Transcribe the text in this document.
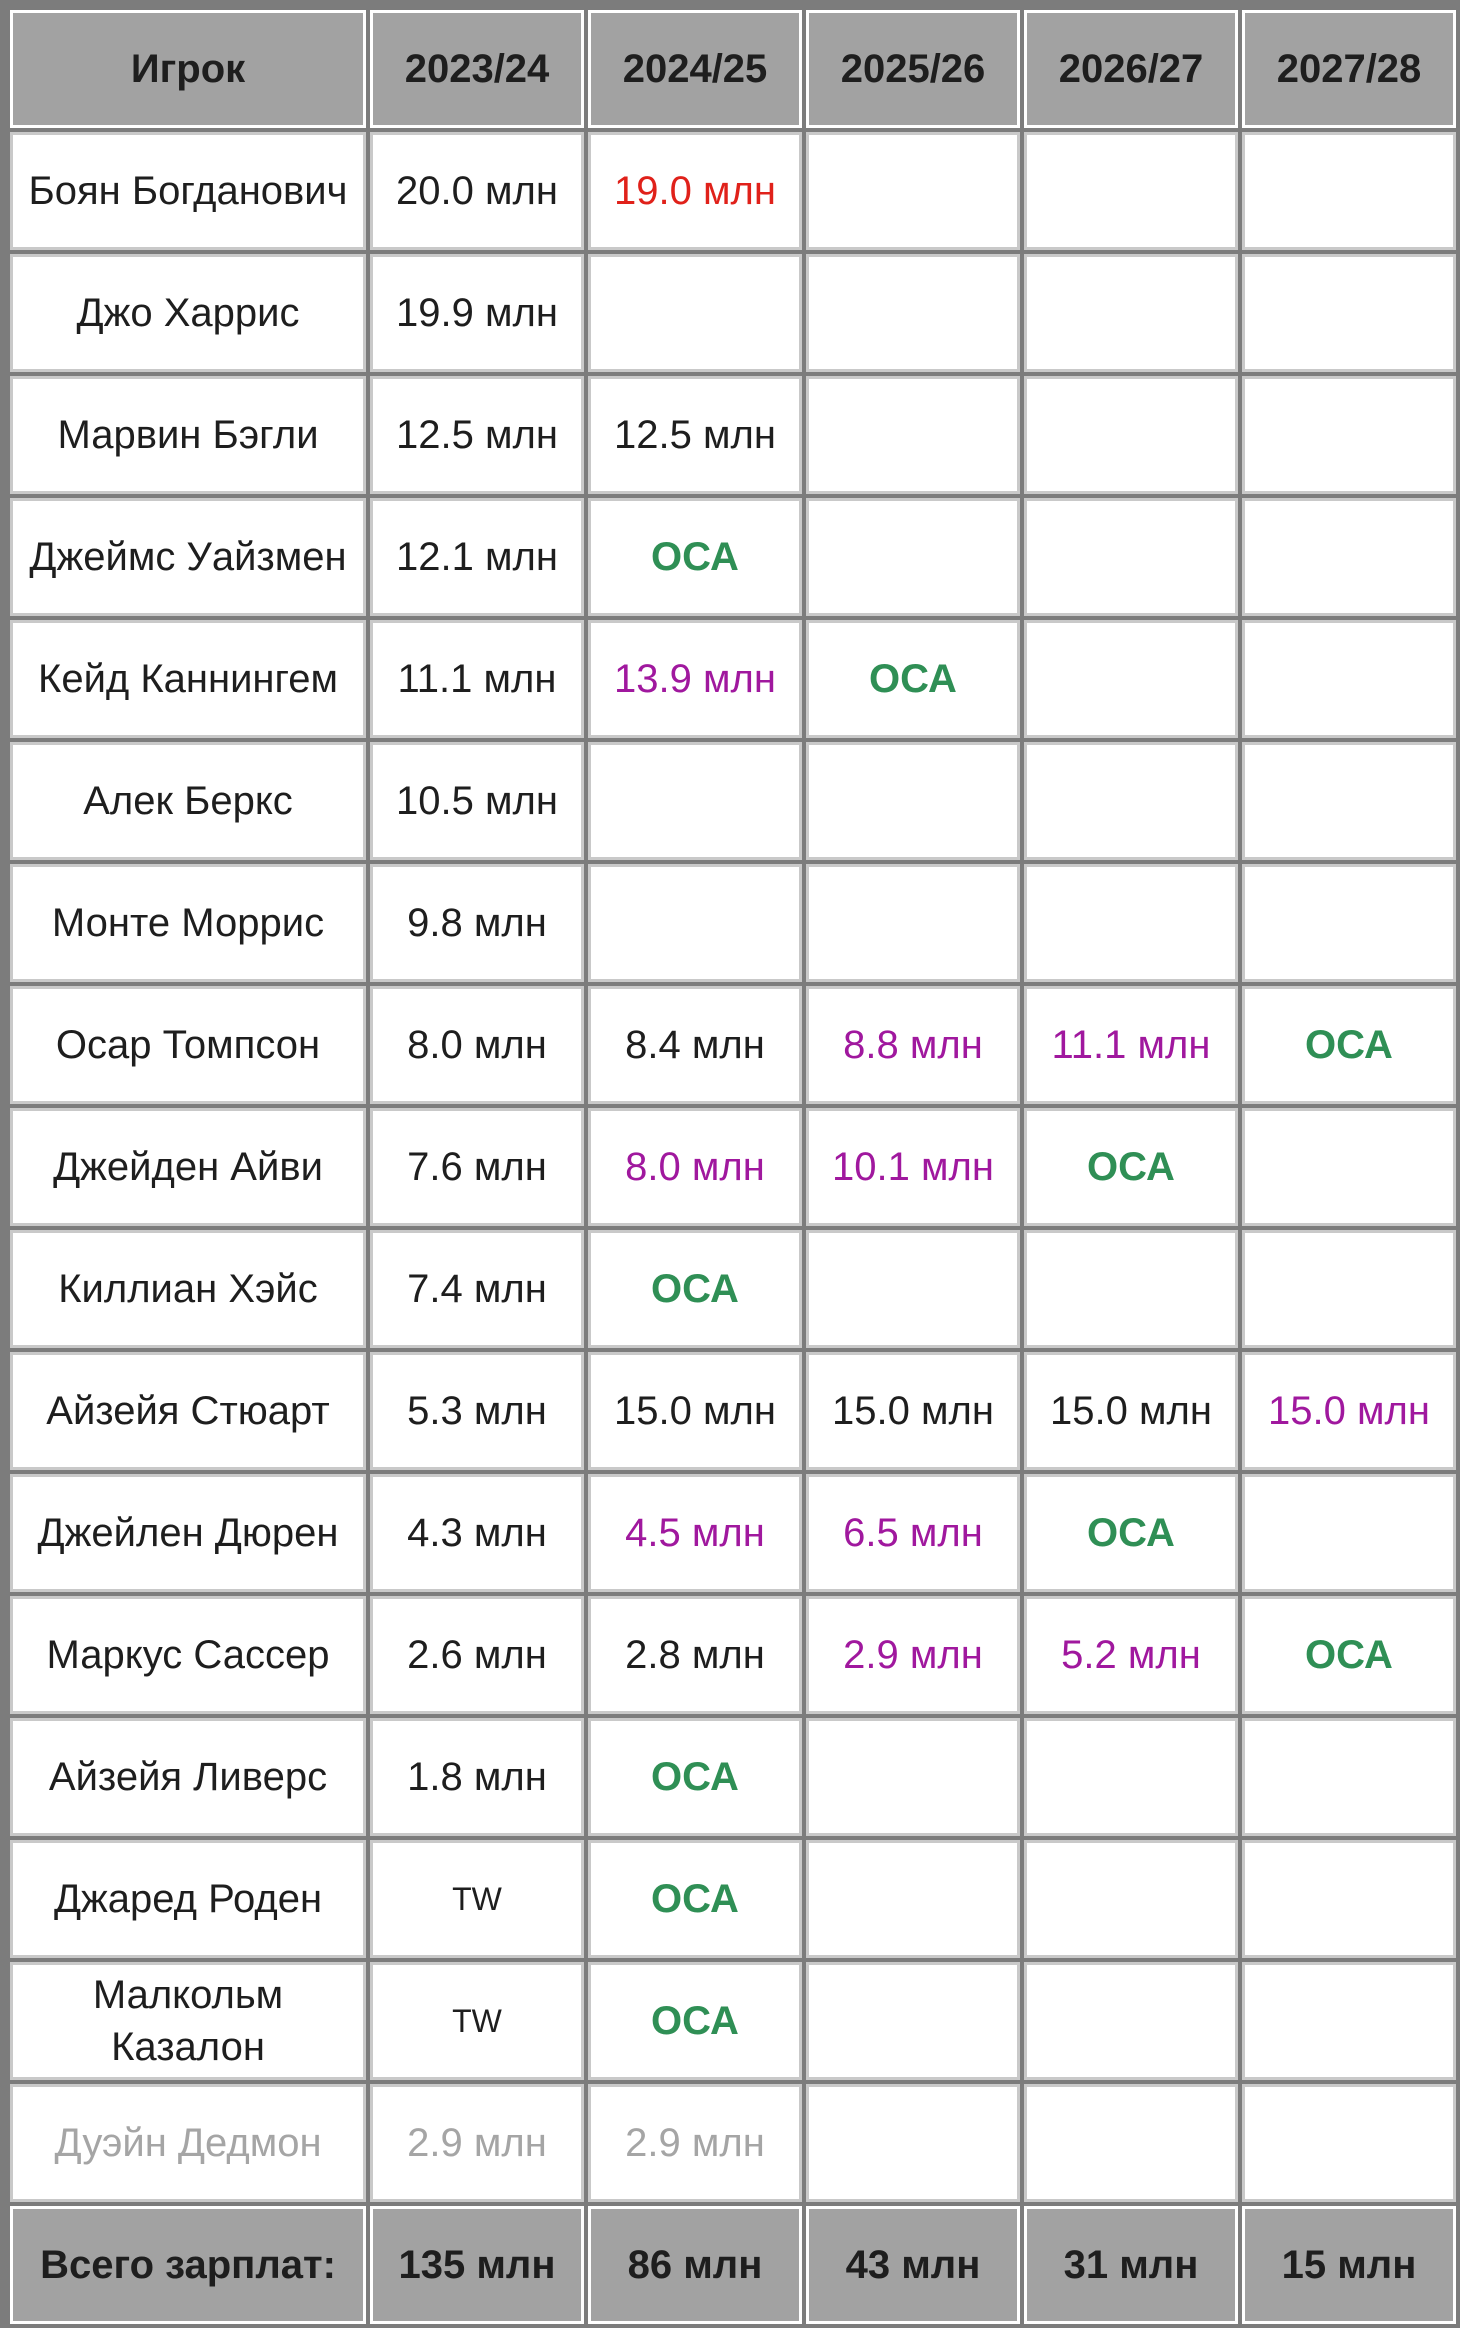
Игрок	2023/24	2024/25	2025/26	2026/27	2027/28
Боян Богданович	20.0 млн	19.0 млн			
Джо Харрис	19.9 млн				
Марвин Бэгли	12.5 млн	12.5 млн			
Джеймс Уайзмен	12.1 млн	ОСА			
Кейд Каннингем	11.1 млн	13.9 млн	ОСА		
Алек Беркс	10.5 млн				
Монте Моррис	9.8 млн				
Осар Томпсон	8.0 млн	8.4 млн	8.8 млн	11.1 млн	ОСА
Джейден Айви	7.6 млн	8.0 млн	10.1 млн	ОСА	
Киллиан Хэйс	7.4 млн	ОСА			
Айзейя Стюарт	5.3 млн	15.0 млн	15.0 млн	15.0 млн	15.0 млн
Джейлен Дюрен	4.3 млн	4.5 млн	6.5 млн	ОСА	
Маркус Сассер	2.6 млн	2.8 млн	2.9 млн	5.2 млн	ОСА
Айзейя Ливерс	1.8 млн	ОСА			
Джаред Роден	TW	ОСА			
Малкольм Казалон	TW	ОСА			
Дуэйн Дедмон	2.9 млн	2.9 млн			
Всего зарплат:	135 млн	86 млн	43 млн	31 млн	15 млн
